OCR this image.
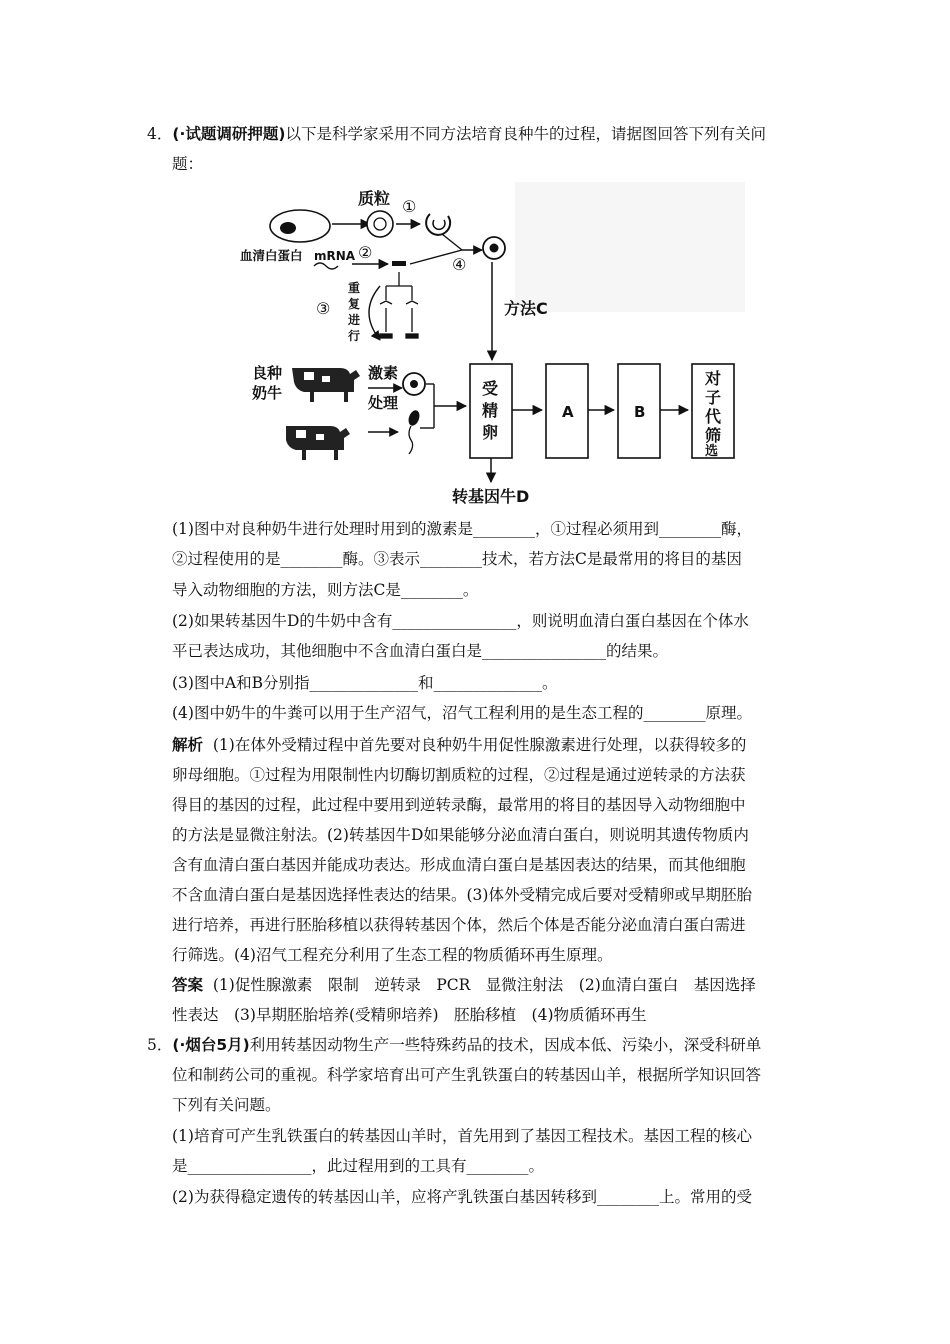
4．(·试题调研押题)以下是科学家采用不同方法培育良种牛的过程，请据图回答下列有关问
题：
质粒 ①
血清白蛋白 mRNA ②
④
③
重
复
进
行
方法C
良种
奶牛
激素
处理
受
精
卵
A	B
对
子
代
筛
选
转基因牛D
(1)图中对良种奶牛进行处理时用到的激素是________，①过程必须用到________酶，
②过程使用的是________酶。③表示________技术，若方法C是最常用的将目的基因
导入动物细胞的方法，则方法C是________。
(2)如果转基因牛D的牛奶中含有________________，则说明血清白蛋白基因在个体水
平已表达成功，其他细胞中不含血清白蛋白是________________的结果。
(3)图中A和B分别指______________和______________。
(4)图中奶牛的牛粪可以用于生产沼气，沼气工程利用的是生态工程的________原理。
解析 (1)在体外受精过程中首先要对良种奶牛用促性腺激素进行处理，以获得较多的
卵母细胞。①过程为用限制性内切酶切割质粒的过程，②过程是通过逆转录的方法获
得目的基因的过程，此过程中要用到逆转录酶，最常用的将目的基因导入动物细胞中
的方法是显微注射法。(2)转基因牛D如果能够分泌血清白蛋白，则说明其遗传物质内
含有血清白蛋白基因并能成功表达。形成血清白蛋白是基因表达的结果，而其他细胞
不含血清白蛋白是基因选择性表达的结果。(3)体外受精完成后要对受精卵或早期胚胎
进行培养，再进行胚胎移植以获得转基因个体，然后个体是否能分泌血清白蛋白需进
行筛选。(4)沼气工程充分利用了生态工程的物质循环再生原理。
答案 (1)促性腺激素　限制　逆转录　PCR　显微注射法　(2)血清白蛋白　基因选择
性表达　(3)早期胚胎培养(受精卵培养)　胚胎移植　(4)物质循环再生
5．(·烟台5月)利用转基因动物生产一些特殊药品的技术，因成本低、污染小，深受科研单
位和制药公司的重视。科学家培育出可产生乳铁蛋白的转基因山羊，根据所学知识回答
下列有关问题。
(1)培育可产生乳铁蛋白的转基因山羊时，首先用到了基因工程技术。基因工程的核心
是________________，此过程用到的工具有________。
(2)为获得稳定遗传的转基因山羊，应将产乳铁蛋白基因转移到________上。常用的受
